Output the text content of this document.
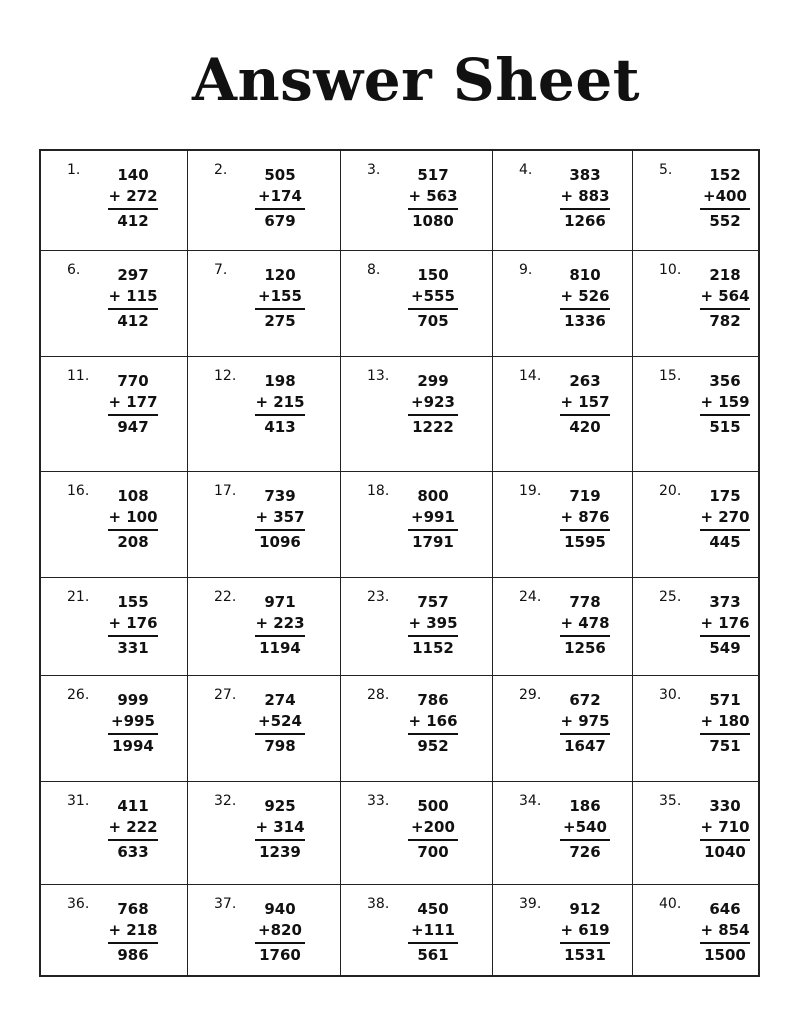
Answer Sheet
1.	140
+ 272
412
2.	505
+174
679
3.	517
+ 563
1080
4.	383
+ 883
1266
5.	152
+400
552
6.	297
+ 115
412
7.	120
+155
275
8.	150
+555
705
9.	810
+ 526
1336
10.	218
+ 564
782
11.	770
+ 177
947
12.	198
+ 215
413
13.	299
+923
1222
14.	263
+ 157
420
15.	356
+ 159
515
16.	108
+ 100
208
17.	739
+ 357
1096
18.	800
+991
1791
19.	719
+ 876
1595
20.	175
+ 270
445
21.	155
+ 176
331
22.	971
+ 223
1194
23.	757
+ 395
1152
24.	778
+ 478
1256
25.	373
+ 176
549
26.	999
+995
1994
27.	274
+524
798
28.	786
+ 166
952
29.	672
+ 975
1647
30.	571
+ 180
751
31.	411
+ 222
633
32.	925
+ 314
1239
33.	500
+200
700
34.	186
+540
726
35.	330
+ 710
1040
36.	768
+ 218
986
37.	940
+820
1760
38.	450
+111
561
39.	912
+ 619
1531
40.	646
+ 854
1500
